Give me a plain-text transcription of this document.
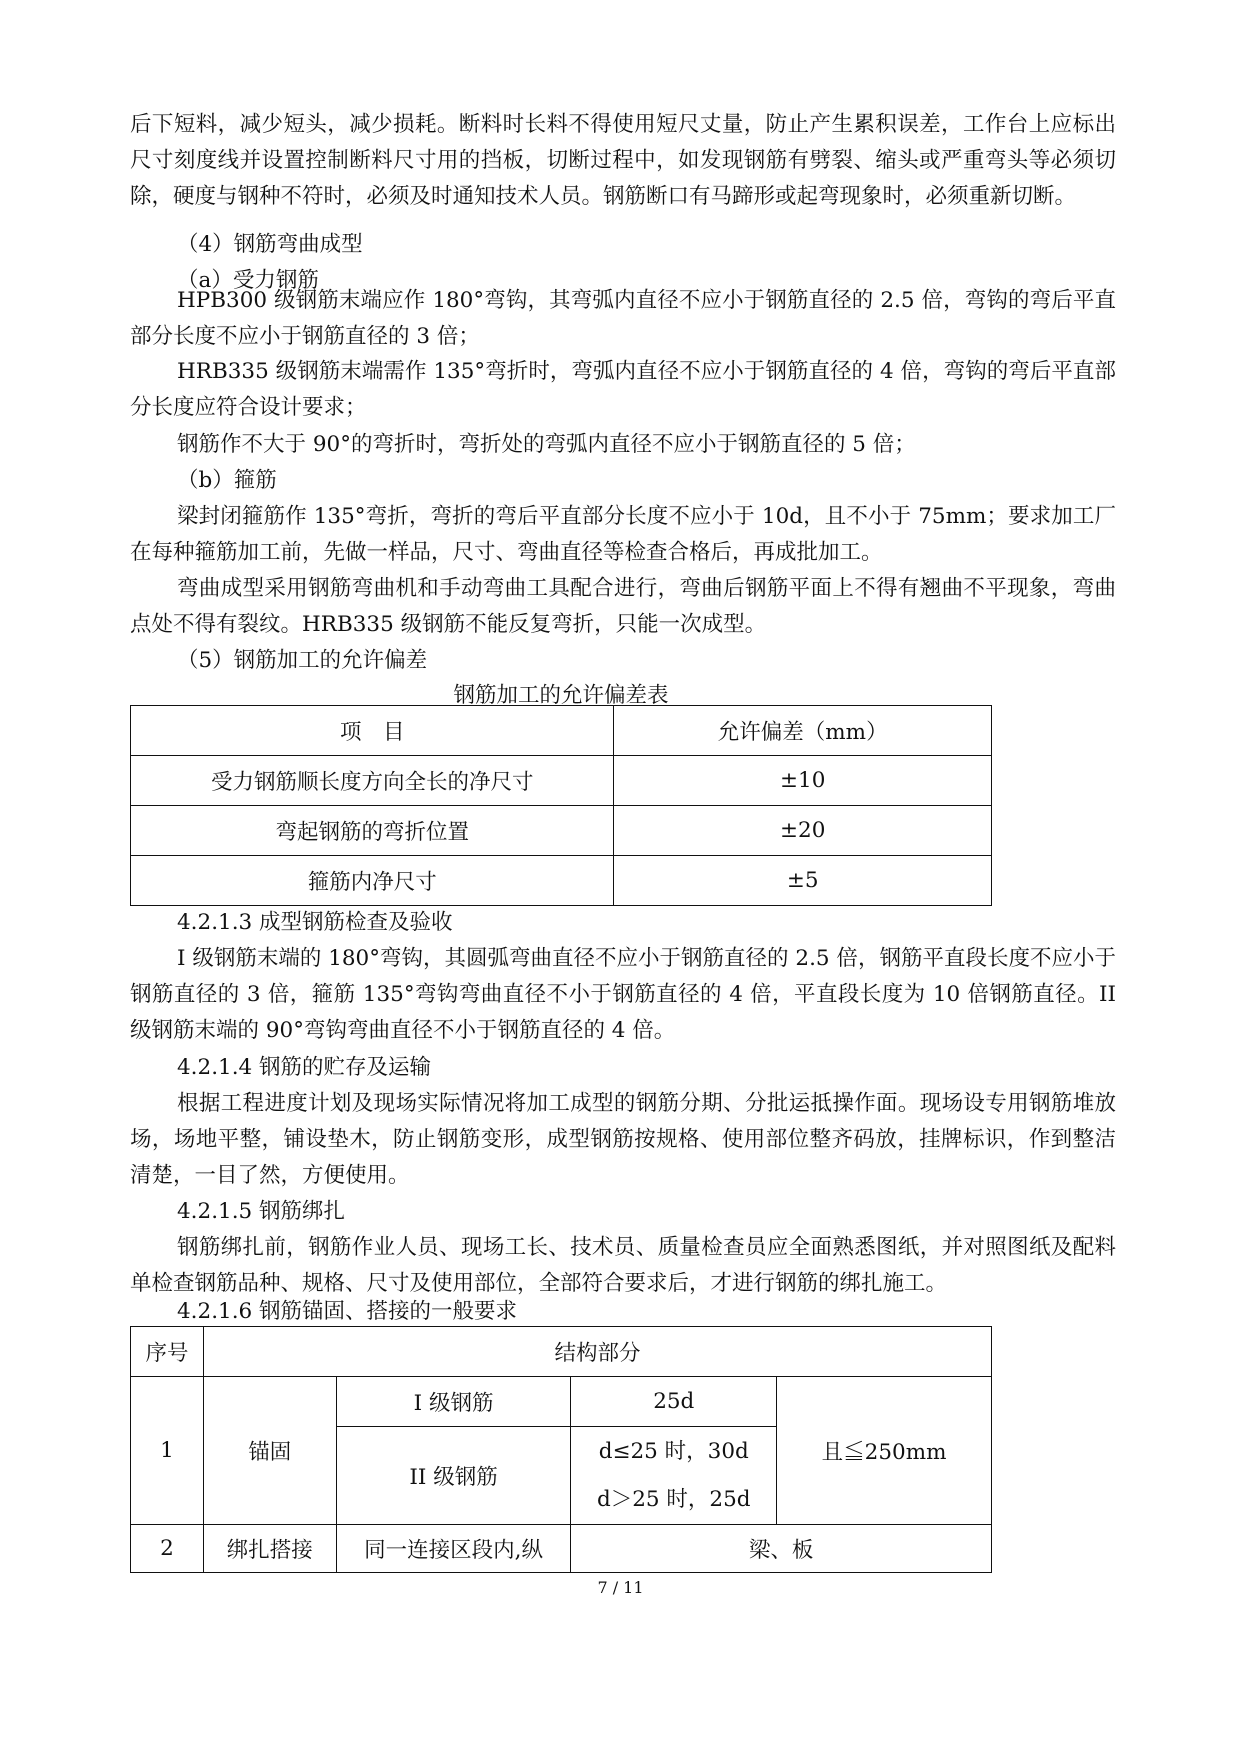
后下短料，减少短头，减少损耗。断料时长料不得使用短尺丈量，防止产生累积误差，工作台上应标出尺寸刻度线并设置控制断料尺寸用的挡板，切断过程中，如发现钢筋有劈裂、缩头或严重弯头等必须切除，硬度与钢种不符时，必须及时通知技术人员。钢筋断口有马蹄形或起弯现象时，必须重新切断。

（4）钢筋弯曲成型

（a）受力钢筋

HPB300 级钢筋末端应作 180°弯钩，其弯弧内直径不应小于钢筋直径的 2.5 倍，弯钩的弯后平直部分长度不应小于钢筋直径的 3 倍；

HRB335 级钢筋末端需作 135°弯折时，弯弧内直径不应小于钢筋直径的 4 倍，弯钩的弯后平直部分长度应符合设计要求；

钢筋作不大于 90°的弯折时，弯折处的弯弧内直径不应小于钢筋直径的 5 倍；

（b）箍筋

梁封闭箍筋作 135°弯折，弯折的弯后平直部分长度不应小于 10d，且不小于 75mm；要求加工厂在每种箍筋加工前，先做一样品，尺寸、弯曲直径等检查合格后，再成批加工。

弯曲成型采用钢筋弯曲机和手动弯曲工具配合进行，弯曲后钢筋平面上不得有翘曲不平现象，弯曲点处不得有裂纹。HRB335 级钢筋不能反复弯折，只能一次成型。

（5）钢筋加工的允许偏差

钢筋加工的允许偏差表

项　目	允许偏差（mm）
受力钢筋顺长度方向全长的净尺寸	±10
弯起钢筋的弯折位置	±20
箍筋内净尺寸	±5

4.2.1.3 成型钢筋检查及验收

I 级钢筋末端的 180°弯钩，其圆弧弯曲直径不应小于钢筋直径的 2.5 倍，钢筋平直段长度不应小于钢筋直径的 3 倍，箍筋 135°弯钩弯曲直径不小于钢筋直径的 4 倍，平直段长度为 10 倍钢筋直径。II 级钢筋末端的 90°弯钩弯曲直径不小于钢筋直径的 4 倍。

4.2.1.4 钢筋的贮存及运输

根据工程进度计划及现场实际情况将加工成型的钢筋分期、分批运抵操作面。现场设专用钢筋堆放场，场地平整，铺设垫木，防止钢筋变形，成型钢筋按规格、使用部位整齐码放，挂牌标识，作到整洁清楚，一目了然，方便使用。

4.2.1.5 钢筋绑扎

钢筋绑扎前，钢筋作业人员、现场工长、技术员、质量检查员应全面熟悉图纸，并对照图纸及配料单检查钢筋品种、规格、尺寸及使用部位，全部符合要求后，才进行钢筋的绑扎施工。

4.2.1.6 钢筋锚固、搭接的一般要求

序号	结构部分			
1	锚固	I 级钢筋	25d	且≦250mm
		II 级钢筋	d≤25 时，30d
d＞25 时，25d	

2	绑扎搭接	同一连接区段内,纵	梁、板	
7 / 11
